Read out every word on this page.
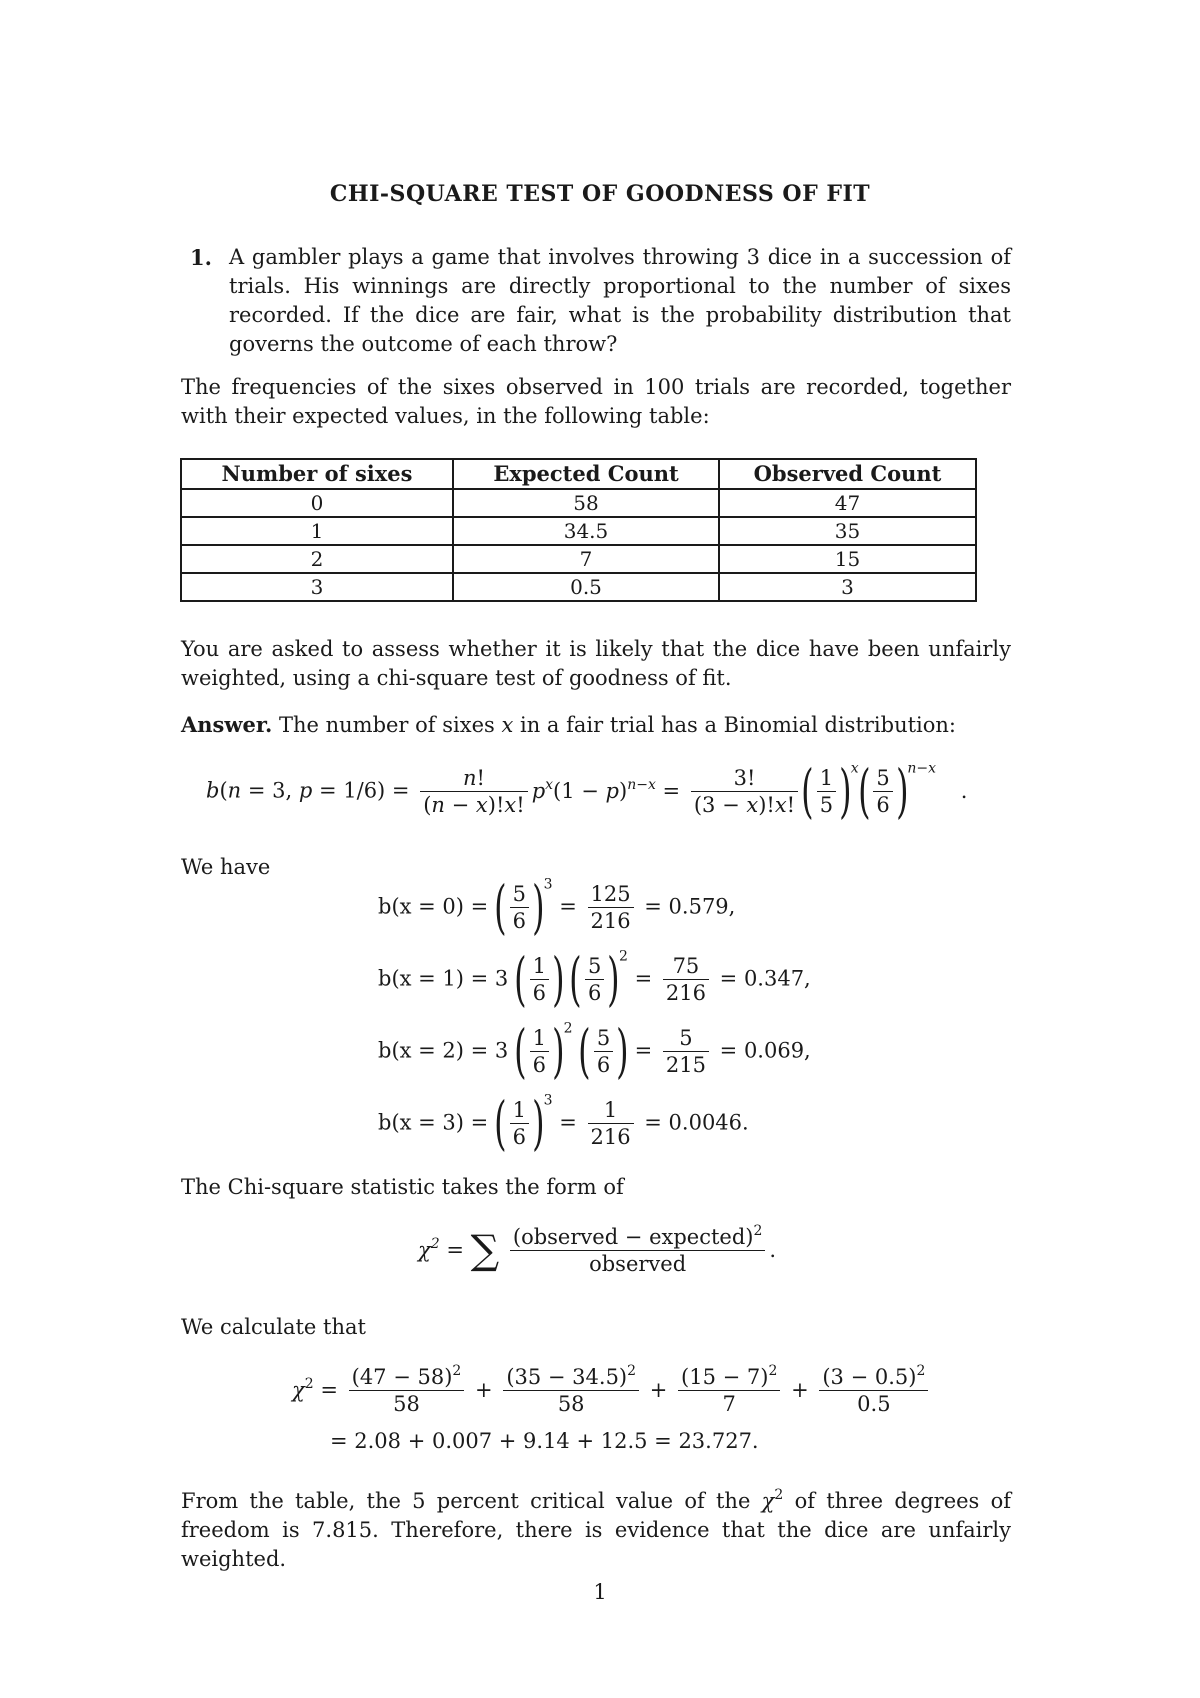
CHI-SQUARE TEST OF GOODNESS OF FIT
1. A gambler plays a game that involves throwing 3 dice in a succession of trials. His winnings are directly proportional to the number of sixes recorded. If the dice are fair, what is the probability distribution that governs the outcome of each throw?
The frequencies of the sixes observed in 100 trials are recorded, together with their expected values, in the following table:
Number of sixes	Expected Count	Observed Count
0	58	47
1	34.5	35
2	7	15
3	0.5	3
You are asked to assess whether it is likely that the dice have been unfairly weighted, using a chi-square test of goodness of fit.
Answer. The number of sixes x in a fair trial has a Binomial distribution:
b(n = 3, $p = 1/6) = \frac{n!}{(n - x)!x!} p^x(1 - p)^{n-x} = \frac{3!}{(3 - x)!x!}$ ( $\frac{1}{5} )^x( \frac{5}{6} )^{n-x}$ .
We have
b(x = 0) = ( $\frac{5}{6} )^3 = \frac{125}{216} = 0.579$,
b(x = 1) = 3 ( $\frac{1}{6}$ ) ( $\frac{5}{6} )^2 = \frac{75}{216} = 0.347$,
b(x = 2) = 3 ( $\frac{1}{6} )^2$ ( $\frac{5}{6}$ ) = $\frac{5}{215} = 0.069$,
b(x = 3) = ( $\frac{1}{6} )^3 = \frac{1}{216} = 0.0046$.
The Chi-square statistic takes the form of
$\chi^2$ = ∑ $\frac{(observed - expected)^2}{\text{observed}}$ .
We calculate that
$\chi^2 = \frac{(47 - 58)^2}{58} + \frac{(35 - 34.5)^2}{58} + \frac{(15 - 7)^2}{7} + \frac{(3 - 0.5)^2}{0.5}$
= 2.08 + 0.007 + 9.14 + 12.5 = 23.727.
From the table, the 5 percent critical value of the $\chi^2$ of three degrees of freedom is 7.815. Therefore, there is evidence that the dice are unfairly weighted.
1
